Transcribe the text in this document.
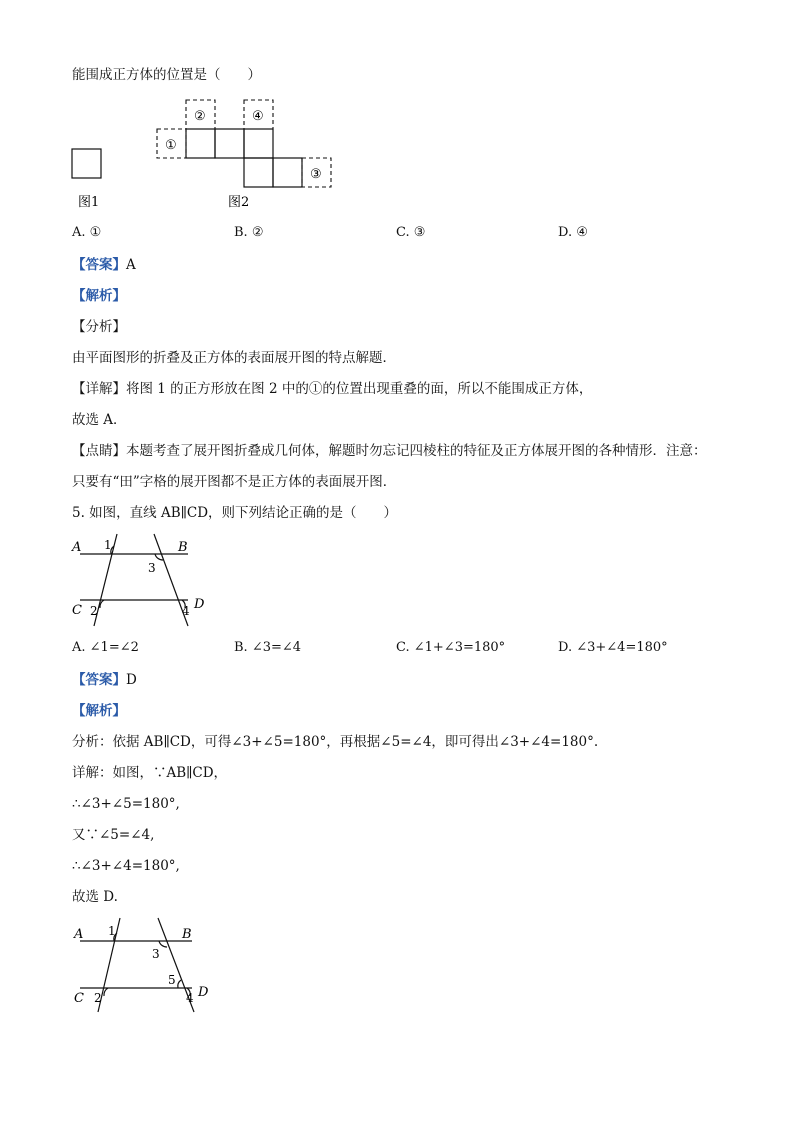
能围成正方体的位置是（　　）
图1
①
②	④
③
图2
A. ①	B. ②	C. ③	D. ④
【答案】A
【解析】
【分析】
由平面图形的折叠及正方体的表面展开图的特点解题．
【详解】将图 1 的正方形放在图 2 中的①的位置出现重叠的面，所以不能围成正方体，
故选 A．
【点睛】本题考查了展开图折叠成几何体，解题时勿忘记四棱柱的特征及正方体展开图的各种情形．注意：
只要有“田”字格的展开图都不是正方体的表面展开图．
5. 如图，直线 AB∥CD，则下列结论正确的是（　　）
A	B
C	D
1
2
3
4
A. ∠1=∠2	B. ∠3=∠4	C. ∠1+∠3=180°	D. ∠3+∠4=180°
【答案】D
【解析】
分析：依据 AB∥CD，可得∠3+∠5=180°，再根据∠5=∠4，即可得出∠3+∠4=180°.
详解：如图，∵AB∥CD，
∴∠3+∠5=180°,
又∵∠5=∠4,
∴∠3+∠4=180°,
故选 D.
A	B
C	D
1
2
3
5
4
